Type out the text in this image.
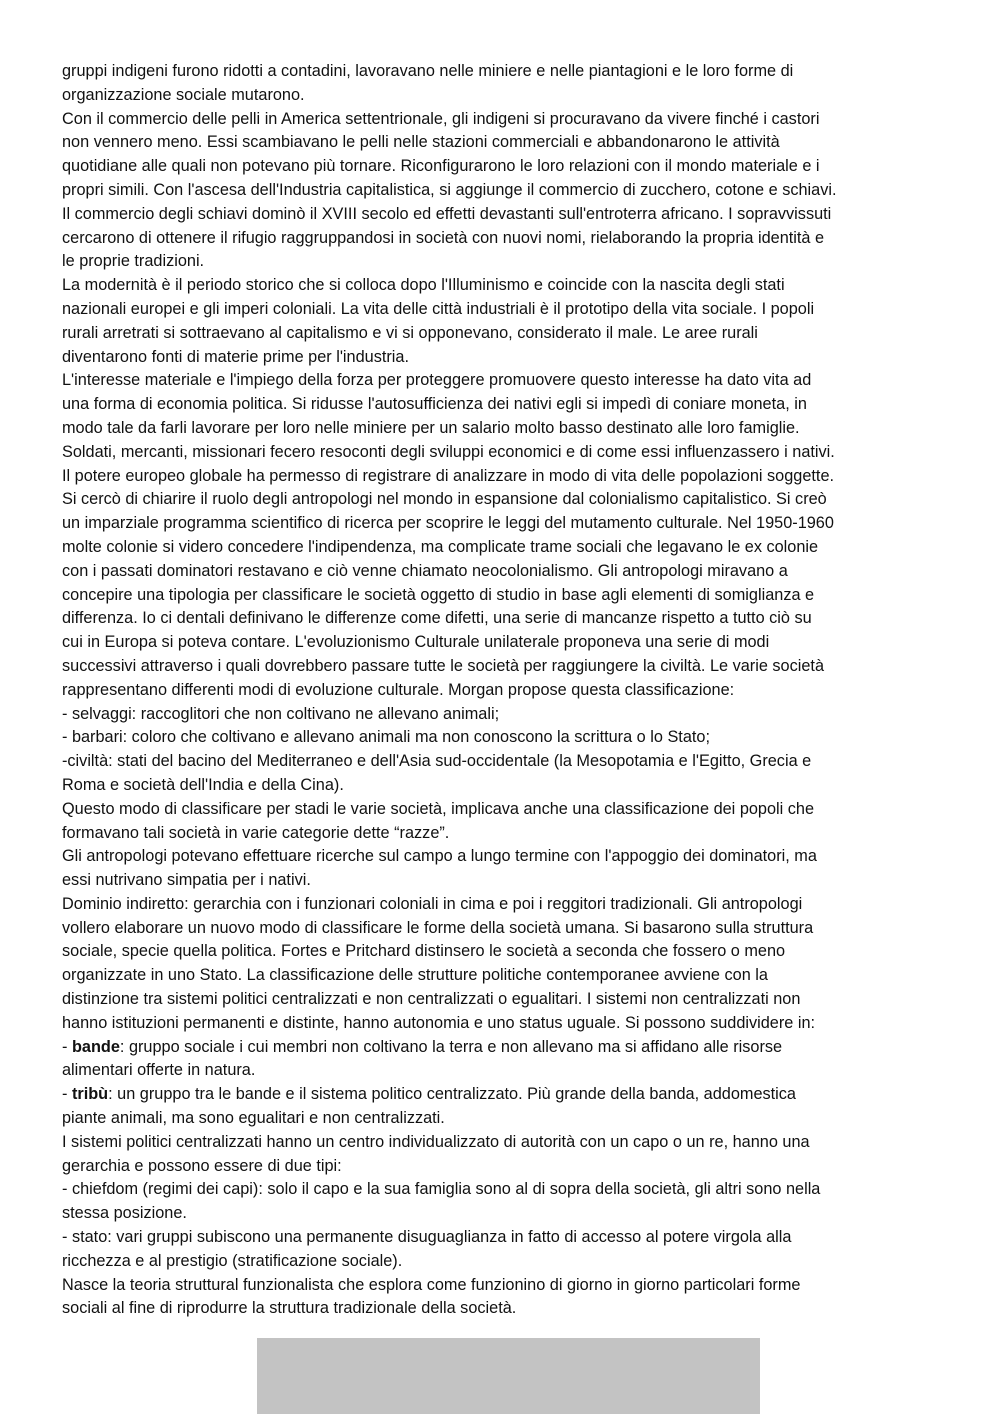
gruppi indigeni furono ridotti a contadini, lavoravano nelle miniere e nelle piantagioni e le loro forme di
organizzazione sociale mutarono.

Con il commercio delle pelli in America settentrionale, gli indigeni si procuravano da vivere finché i castori
non vennero meno. Essi scambiavano le pelli nelle stazioni commerciali e abbandonarono le attività
quotidiane alle quali non potevano più tornare. Riconfigurarono le loro relazioni con il mondo materiale e i
propri simili. Con l'ascesa dell'Industria capitalistica, si aggiunge il commercio di zucchero, cotone e schiavi.
Il commercio degli schiavi dominò il XVIII secolo ed effetti devastanti sull'entroterra africano. I sopravvissuti
cercarono di ottenere il rifugio raggruppandosi in società con nuovi nomi, rielaborando la propria identità e
le proprie tradizioni.

La modernità è il periodo storico che si colloca dopo l'Illuminismo e coincide con la nascita degli stati
nazionali europei e gli imperi coloniali. La vita delle città industriali è il prototipo della vita sociale. I popoli
rurali arretrati si sottraevano al capitalismo e vi si opponevano, considerato il male. Le aree rurali
diventarono fonti di materie prime per l'industria.

L'interesse materiale e l'impiego della forza per proteggere promuovere questo interesse ha dato vita ad
una forma di economia politica. Si ridusse l'autosufficienza dei nativi egli si impedì di coniare moneta, in
modo tale da farli lavorare per loro nelle miniere per un salario molto basso destinato alle loro famiglie.
Soldati, mercanti, missionari fecero resoconti degli sviluppi economici e di come essi influenzassero i nativi.
Il potere europeo globale ha permesso di registrare di analizzare in modo di vita delle popolazioni soggette.
Si cercò di chiarire il ruolo degli antropologi nel mondo in espansione dal colonialismo capitalistico. Si creò
un imparziale programma scientifico di ricerca per scoprire le leggi del mutamento culturale. Nel 1950-1960
molte colonie si videro concedere l'indipendenza, ma complicate trame sociali che legavano le ex colonie
con i passati dominatori restavano e ciò venne chiamato neocolonialismo. Gli antropologi miravano a
concepire una tipologia per classificare le società oggetto di studio in base agli elementi di somiglianza e
differenza. Io ci dentali definivano le differenze come difetti, una serie di mancanze rispetto a tutto ciò su
cui in Europa si poteva contare. L'evoluzionismo Culturale unilaterale proponeva una serie di modi
successivi attraverso i quali dovrebbero passare tutte le società per raggiungere la civiltà. Le varie società
rappresentano differenti modi di evoluzione culturale. Morgan propose questa classificazione:

- selvaggi: raccoglitori che non coltivano ne allevano animali;

- barbari: coloro che coltivano e allevano animali ma non conoscono la scrittura o lo Stato;

-civiltà: stati del bacino del Mediterraneo e dell'Asia sud-occidentale (la Mesopotamia e l'Egitto, Grecia e
Roma e società dell'India e della Cina).

Questo modo di classificare per stadi le varie società, implicava anche una classificazione dei popoli che
formavano tali società in varie categorie dette “razze”.

Gli antropologi potevano effettuare ricerche sul campo a lungo termine con l'appoggio dei dominatori, ma
essi nutrivano simpatia per i nativi.

Dominio indiretto: gerarchia con i funzionari coloniali in cima e poi i reggitori tradizionali. Gli antropologi
vollero elaborare un nuovo modo di classificare le forme della società umana. Si basarono sulla struttura
sociale, specie quella politica. Fortes e Pritchard distinsero le società a seconda che fossero o meno
organizzate in uno Stato. La classificazione delle strutture politiche contemporanee avviene con la
distinzione tra sistemi politici centralizzati e non centralizzati o egualitari. I sistemi non centralizzati non
hanno istituzioni permanenti e distinte, hanno autonomia e uno status uguale. Si possono suddividere in:

- bande: gruppo sociale i cui membri non coltivano la terra e non allevano ma si affidano alle risorse
alimentari offerte in natura.

- tribù: un gruppo tra le bande e il sistema politico centralizzato. Più grande della banda, addomestica
piante animali, ma sono egualitari e non centralizzati.

I sistemi politici centralizzati hanno un centro individualizzato di autorità con un capo o un re, hanno una
gerarchia e possono essere di due tipi:

- chiefdom (regimi dei capi): solo il capo e la sua famiglia sono al di sopra della società, gli altri sono nella
stessa posizione.

- stato: vari gruppi subiscono una permanente disuguaglianza in fatto di accesso al potere virgola alla
ricchezza e al prestigio (stratificazione sociale).

Nasce la teoria struttural funzionalista che esplora come funzionino di giorno in giorno particolari forme
sociali al fine di riprodurre la struttura tradizionale della società.
